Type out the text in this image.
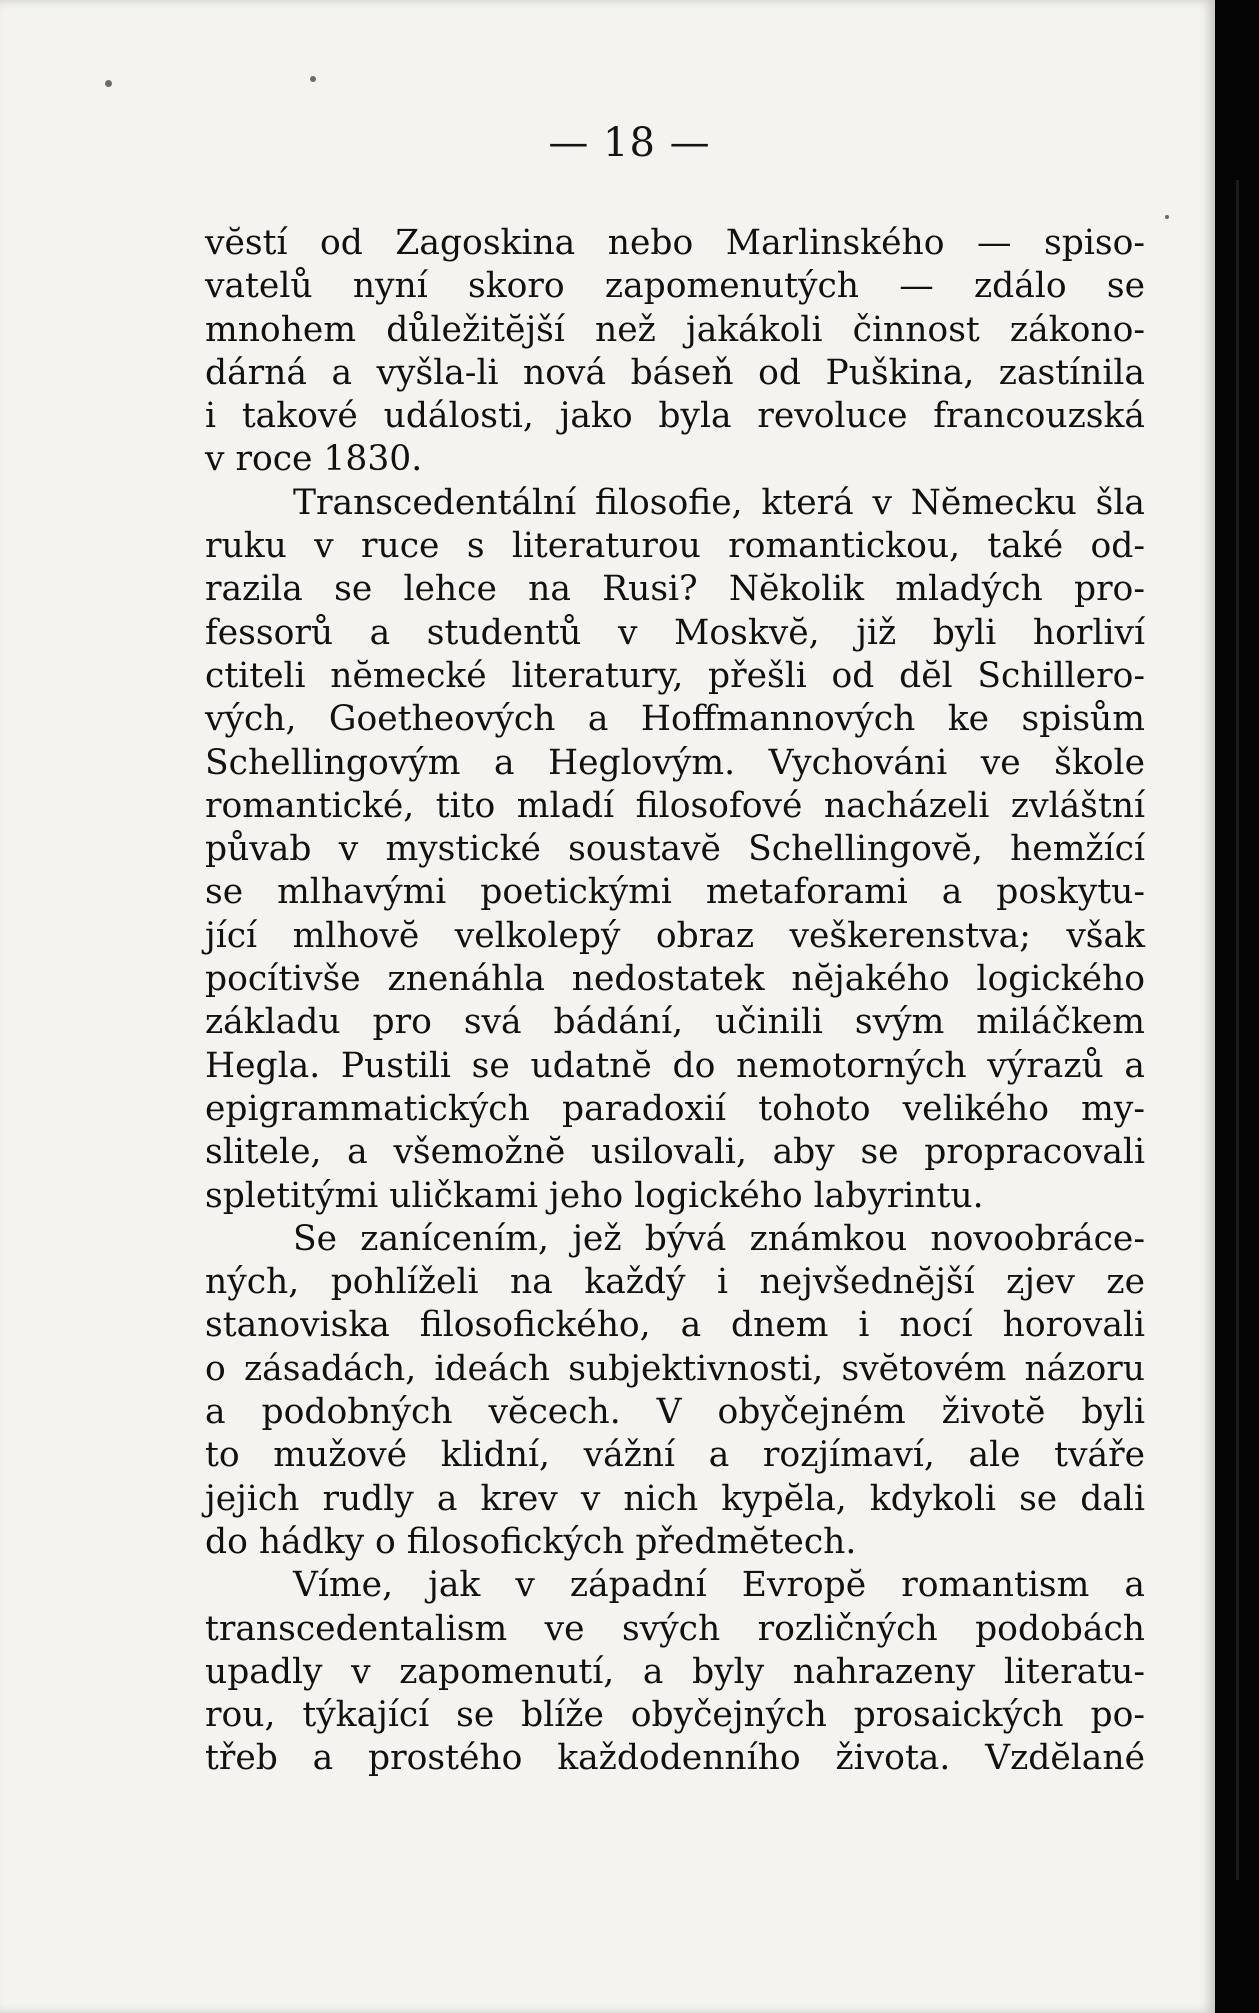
— 18 —
vĕstí od Zagoskina nebo Marlinského — spiso-
vatelů nyní skoro zapomenutých — zdálo se
mnohem důležitĕjší než jakákoli činnost zákono-
dárná a vyšla-li nová báseň od Puškina, zastínila
i takové události, jako byla revoluce francouzská
v roce 1830.
Transcedentální filosofie, která v Nĕmecku šla
ruku v ruce s literaturou romantickou, také od-
razila se lehce na Rusi? Nĕkolik mladých pro-
fessorů a studentů v Moskvĕ, již byli horliví
ctiteli nĕmecké literatury, přešli od dĕl Schillero-
vých, Goetheových a Hoffmannových ke spisům
Schellingovým a Heglovým. Vychováni ve škole
romantické, tito mladí filosofové nacházeli zvláštní
půvab v mystické soustavĕ Schellingovĕ, hemžící
se mlhavými poetickými metaforami a poskytu-
jící mlhovĕ velkolepý obraz veškerenstva; však
pocítivše znenáhla nedostatek nĕjakého logického
základu pro svá bádání, učinili svým miláčkem
Hegla. Pustili se udatnĕ do nemotorných výrazů a
epigrammatických paradoxií tohoto velikého my-
slitele, a všemožnĕ usilovali, aby se propracovali
spletitými uličkami jeho logického labyrintu.
Se zanícením, jež bývá známkou novoobráce-
ných, pohlíželi na každý i nejvšednĕjší zjev ze
stanoviska filosofického, a dnem i nocí horovali
o zásadách, ideách subjektivnosti, svĕtovém názoru
a podobných vĕcech. V obyčejném životĕ byli
to mužové klidní, vážní a rozjímaví, ale tváře
jejich rudly a krev v nich kypĕla, kdykoli se dali
do hádky o filosofických předmĕtech.
Víme, jak v západní Evropĕ romantism a
transcedentalism ve svých rozličných podobách
upadly v zapomenutí, a byly nahrazeny literatu-
rou, týkající se blíže obyčejných prosaických po-
třeb a prostého každodenního života. Vzdĕlané
